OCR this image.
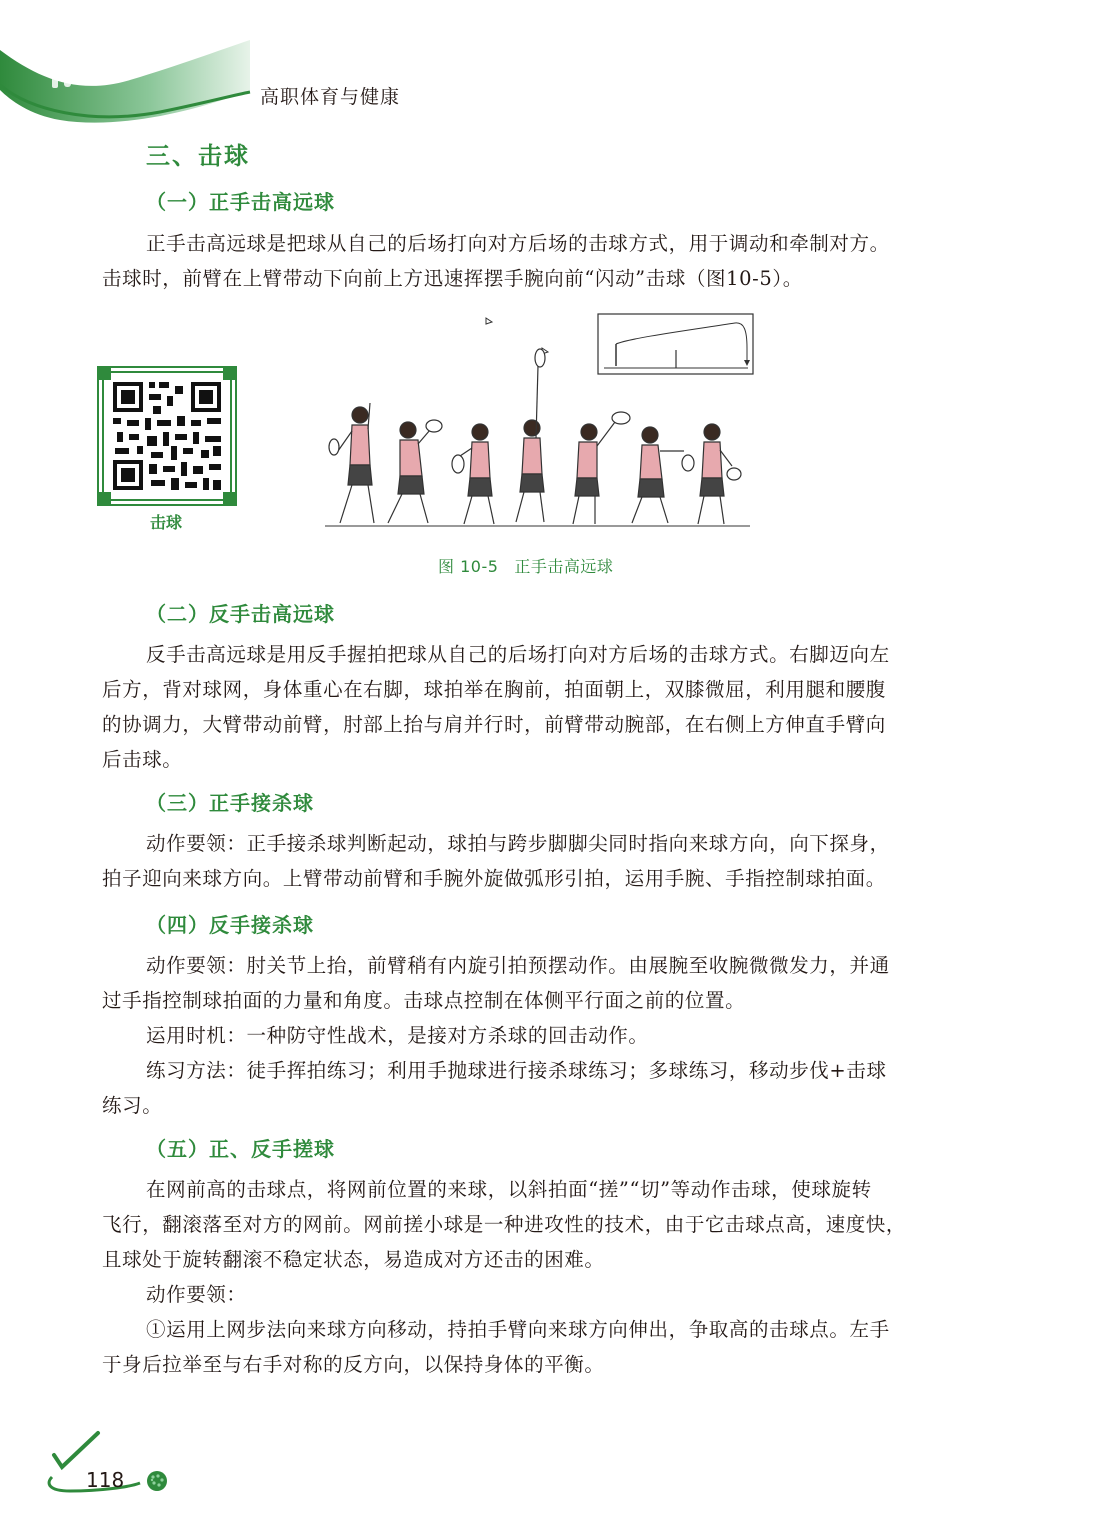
高职体育与健康
三、击球
（一）正手击高远球
正手击高远球是把球从自己的后场打向对方后场的击球方式，用于调动和牵制对方。
击球时，前臂在上臂带动下向前上方迅速挥摆手腕向前“闪动”击球（图10-5）。
击球
图 10-5 正手击高远球
（二）反手击高远球
反手击高远球是用反手握拍把球从自己的后场打向对方后场的击球方式。右脚迈向左
后方，背对球网，身体重心在右脚，球拍举在胸前，拍面朝上，双膝微屈，利用腿和腰腹
的协调力，大臂带动前臂，肘部上抬与肩并行时，前臂带动腕部，在右侧上方伸直手臂向
后击球。
（三）正手接杀球
动作要领：正手接杀球判断起动，球拍与跨步脚脚尖同时指向来球方向，向下探身，
拍子迎向来球方向。上臂带动前臂和手腕外旋做弧形引拍，运用手腕、手指控制球拍面。
（四）反手接杀球
动作要领：肘关节上抬，前臂稍有内旋引拍预摆动作。由展腕至收腕微微发力，并通
过手指控制球拍面的力量和角度。击球点控制在体侧平行面之前的位置。
运用时机：一种防守性战术，是接对方杀球的回击动作。
练习方法：徒手挥拍练习；利用手抛球进行接杀球练习；多球练习，移动步伐+击球
练习。
（五）正、反手搓球
在网前高的击球点，将网前位置的来球，以斜拍面“搓”“切”等动作击球，使球旋转
飞行，翻滚落至对方的网前。网前搓小球是一种进攻性的技术，由于它击球点高，速度快，
且球处于旋转翻滚不稳定状态，易造成对方还击的困难。
动作要领：
①运用上网步法向来球方向移动，持拍手臂向来球方向伸出，争取高的击球点。左手
于身后拉举至与右手对称的反方向，以保持身体的平衡。
118
